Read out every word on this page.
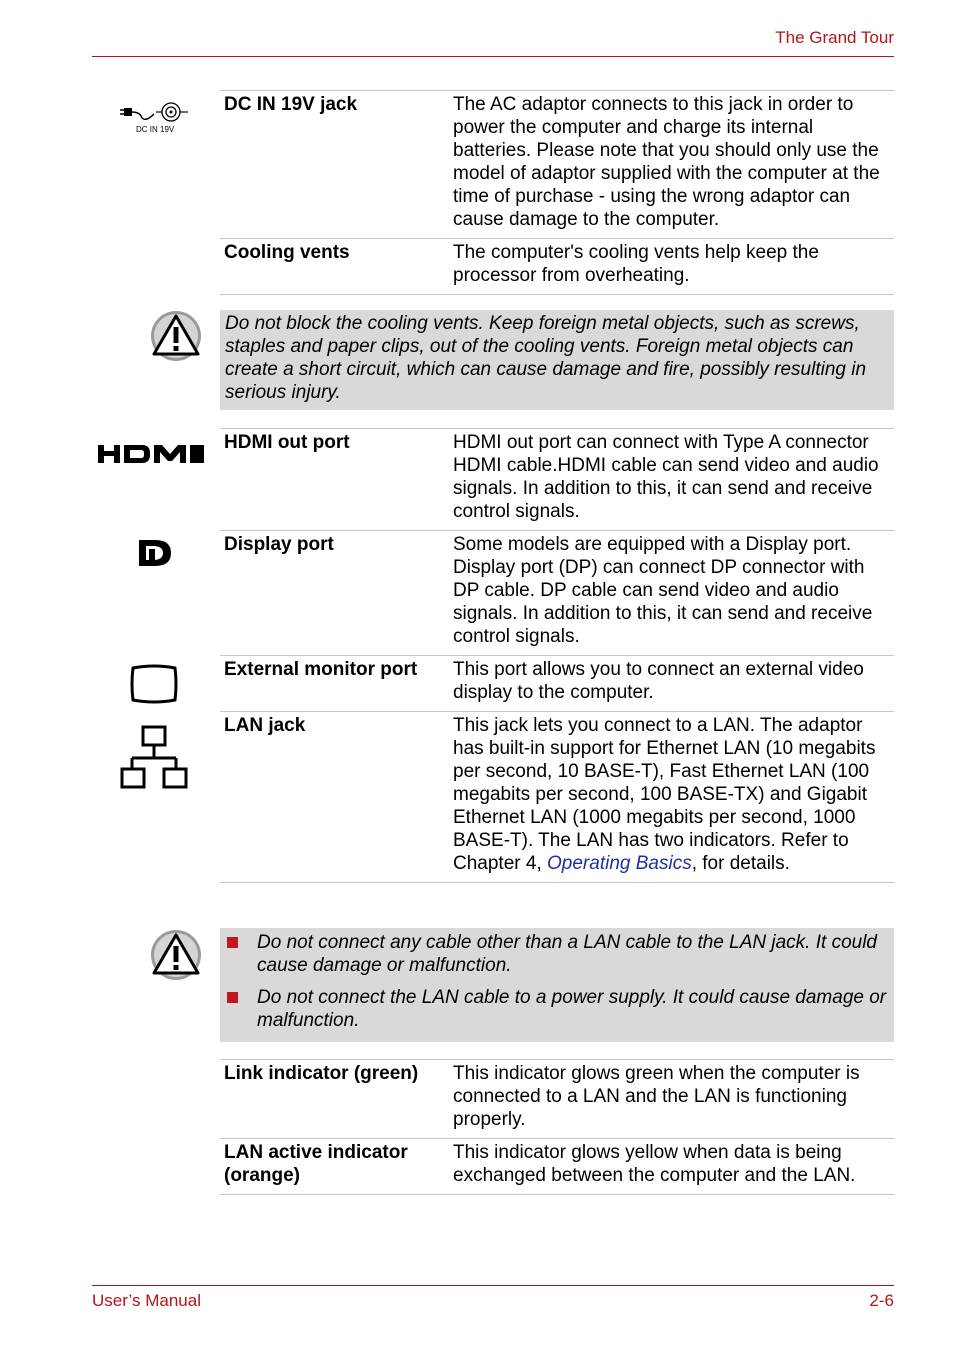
The Grand Tour
DC IN 19V
DC IN 19V jack	The AC adaptor connects to this jack in order to power the computer and charge its internal batteries. Please note that you should only use the model of adaptor supplied with the computer at the time of purchase - using the wrong adaptor can cause damage to the computer.
Cooling vents	The computer's cooling vents help keep the processor from overheating.
Do not block the cooling vents. Keep foreign metal objects, such as screws, staples and paper clips, out of the cooling vents. Foreign metal objects can create a short circuit, which can cause damage and fire, possibly resulting in serious injury.
HDMI out port	HDMI out port can connect with Type A connector HDMI cable.HDMI cable can send video and audio signals. In addition to this, it can send and receive control signals.
Display port	Some models are equipped with a Display port. Display port (DP) can connect DP connector with DP cable. DP cable can send video and audio signals. In addition to this, it can send and receive control signals.
External monitor port	This port allows you to connect an external video display to the computer.
LAN jack	This jack lets you connect to a LAN. The adaptor has built-in support for Ethernet LAN (10 megabits per second, 10 BASE-T), Fast Ethernet LAN (100 megabits per second, 100 BASE-TX) and Gigabit Ethernet LAN (1000 megabits per second, 1000 BASE-T). The LAN has two indicators. Refer to Chapter 4, Operating Basics, for details.
Do not connect any cable other than a LAN cable to the LAN jack. It could cause damage or malfunction.
Do not connect the LAN cable to a power supply. It could cause damage or malfunction.
Link indicator (green)	This indicator glows green when the computer is connected to a LAN and the LAN is functioning properly.
LAN active indicator (orange)	This indicator glows yellow when data is being exchanged between the computer and the LAN.
User’s Manual	2-6
